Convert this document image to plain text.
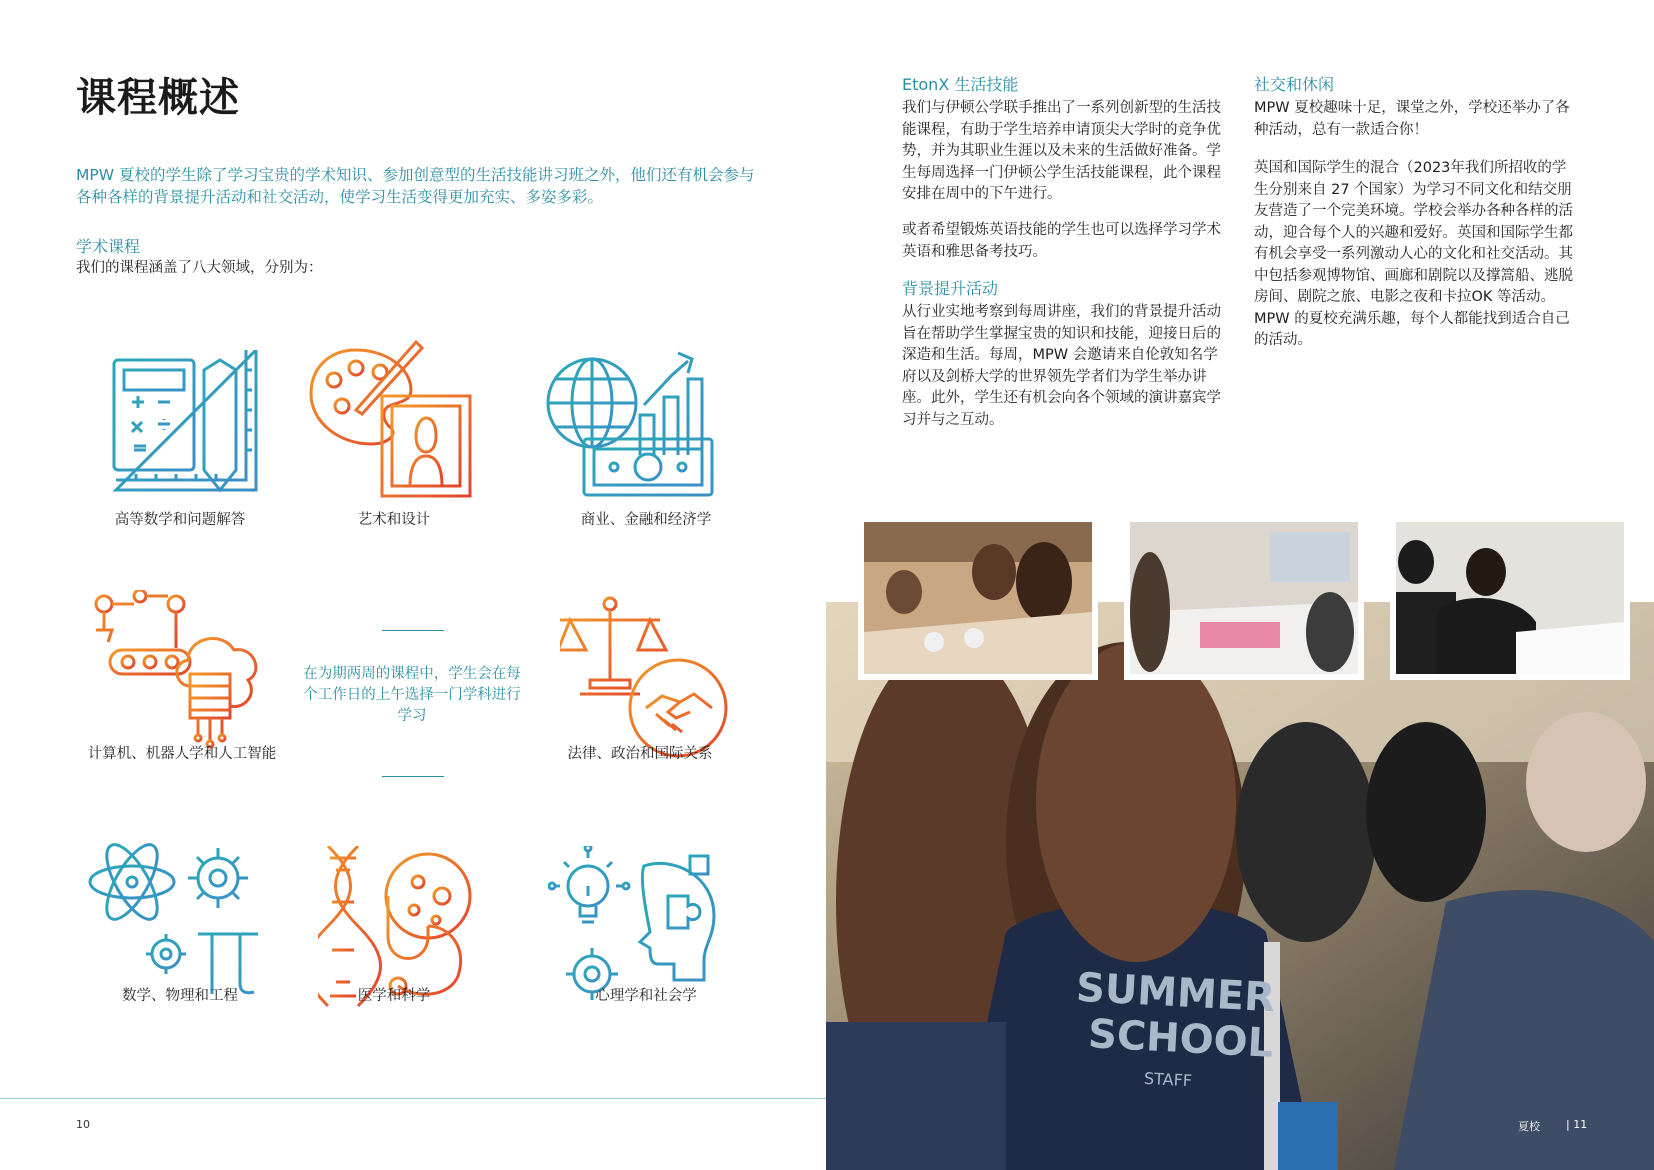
课程概述
MPW 夏校的学生除了学习宝贵的学术知识、参加创意型的生活技能讲习班之外，他们还有机会参与各种各样的背景提升活动和社交活动，使学习生活变得更加充实、多姿多彩。
学术课程
我们的课程涵盖了八大领域，分别为：
高等数学和问题解答	艺术和设计	商业、金融和经济学
计算机、机器人学和人工智能
在为期两周的课程中，学生会在每个工作日的上午选择一门学科进行学习
法律、政治和国际关系
数学、物理和工程	医学和科学	心理学和社会学
10
EtonX 生活技能
我们与伊顿公学联手推出了一系列创新型的生活技能课程，有助于学生培养申请顶尖大学时的竞争优势，并为其职业生涯以及未来的生活做好准备。学生每周选择一门伊顿公学生活技能课程，此个课程安排在周中的下午进行。
或者希望锻炼英语技能的学生也可以选择学习学术英语和雅思备考技巧。
背景提升活动
从行业实地考察到每周讲座，我们的背景提升活动旨在帮助学生掌握宝贵的知识和技能，迎接日后的深造和生活。每周，MPW 会邀请来自伦敦知名学府以及剑桥大学的世界领先学者们为学生举办讲座。此外，学生还有机会向各个领域的演讲嘉宾学习并与之互动。
社交和休闲
MPW 夏校趣味十足，课堂之外，学校还举办了各种活动，总有一款适合你！
英国和国际学生的混合（2023年我们所招收的学生分别来自 27 个国家）为学习不同文化和结交朋友营造了一个完美环境。学校会举办各种各样的活动，迎合每个人的兴趣和爱好。英国和国际学生都有机会享受一系列激动人心的文化和社交活动。其中包括参观博物馆、画廊和剧院以及撑篙船、逃脱房间、剧院之旅、电影之夜和卡拉OK 等活动。MPW 的夏校充满乐趣，每个人都能找到适合自己的活动。
SUMMER
SCHOOL
STAFF
夏校 | 11
